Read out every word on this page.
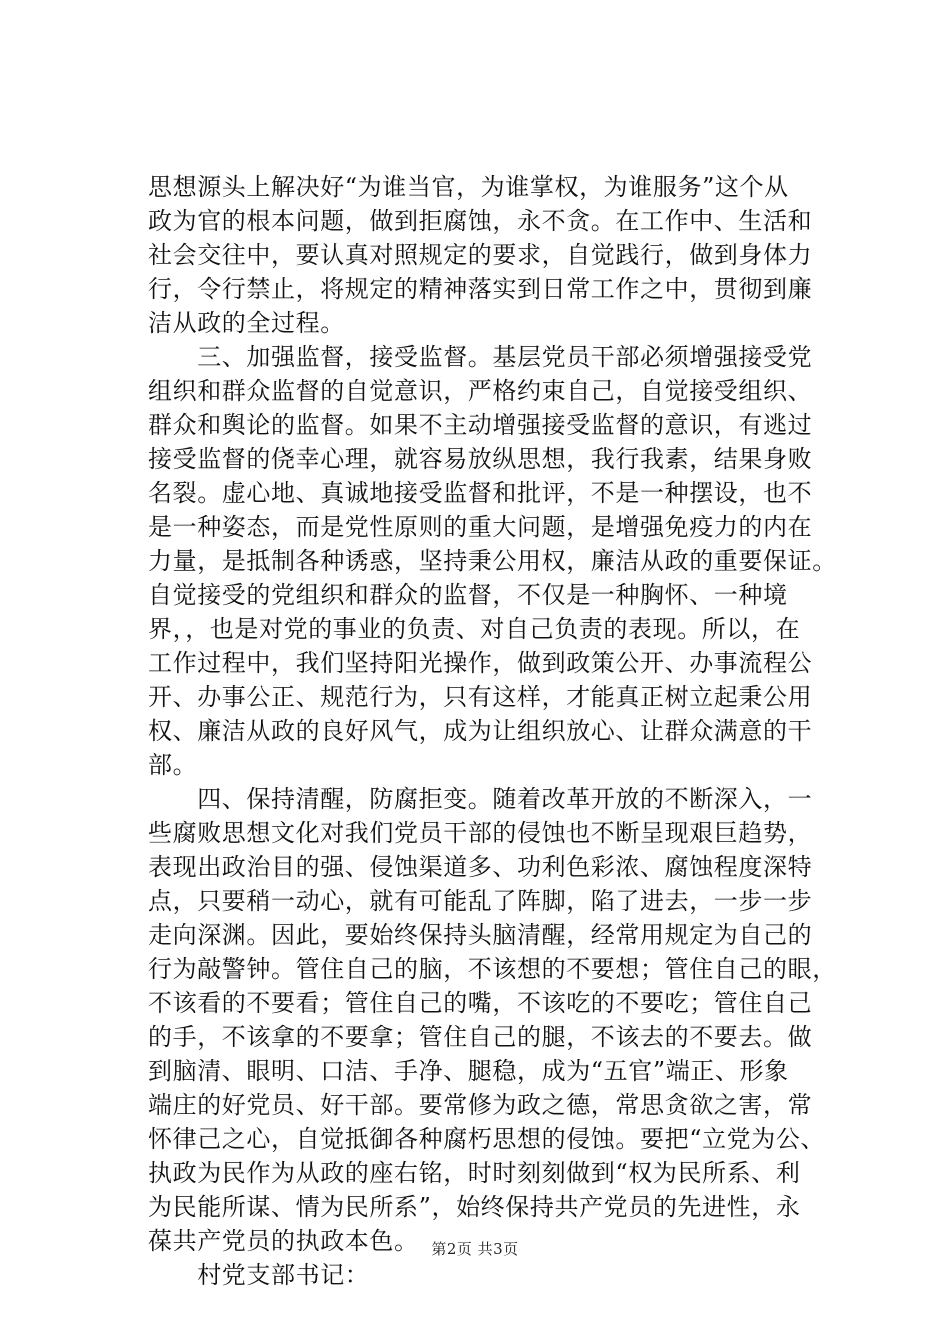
思想源头上解决好“为谁当官，为谁掌权，为谁服务”这个从
政为官的根本问题，做到拒腐蚀，永不贪。在工作中、生活和
社会交往中，要认真对照规定的要求，自觉践行，做到身体力
行，令行禁止，将规定的精神落实到日常工作之中，贯彻到廉
洁从政的全过程。
　　三、加强监督，接受监督。基层党员干部必须增强接受党
组织和群众监督的自觉意识，严格约束自己，自觉接受组织、
群众和舆论的监督。如果不主动增强接受监督的意识，有逃过
接受监督的侥幸心理，就容易放纵思想，我行我素，结果身败
名裂。虚心地、真诚地接受监督和批评，不是一种摆设，也不
是一种姿态，而是党性原则的重大问题，是增强免疫力的内在
力量，是抵制各种诱惑，坚持秉公用权，廉洁从政的重要保证。
自觉接受的党组织和群众的监督，不仅是一种胸怀、一种境
界，，也是对党的事业的负责、对自己负责的表现。所以，在
工作过程中，我们坚持阳光操作，做到政策公开、办事流程公
开、办事公正、规范行为，只有这样，才能真正树立起秉公用
权、廉洁从政的良好风气，成为让组织放心、让群众满意的干
部。
　　四、保持清醒，防腐拒变。随着改革开放的不断深入，一
些腐败思想文化对我们党员干部的侵蚀也不断呈现艰巨趋势，
表现出政治目的强、侵蚀渠道多、功利色彩浓、腐蚀程度深特
点，只要稍一动心，就有可能乱了阵脚，陷了进去，一步一步
走向深渊。因此，要始终保持头脑清醒，经常用规定为自己的
行为敲警钟。管住自己的脑，不该想的不要想；管住自己的眼，
不该看的不要看；管住自己的嘴，不该吃的不要吃；管住自己
的手，不该拿的不要拿；管住自己的腿，不该去的不要去。做
到脑清、眼明、口洁、手净、腿稳，成为“五官”端正、形象
端庄的好党员、好干部。要常修为政之德，常思贪欲之害，常
怀律己之心，自觉抵御各种腐朽思想的侵蚀。要把“立党为公、
执政为民作为从政的座右铭，时时刻刻做到“权为民所系、利
为民能所谋、情为民所系”，始终保持共产党员的先进性，永
葆共产党员的执政本色。
　　村党支部书记：
第2页 共3页
